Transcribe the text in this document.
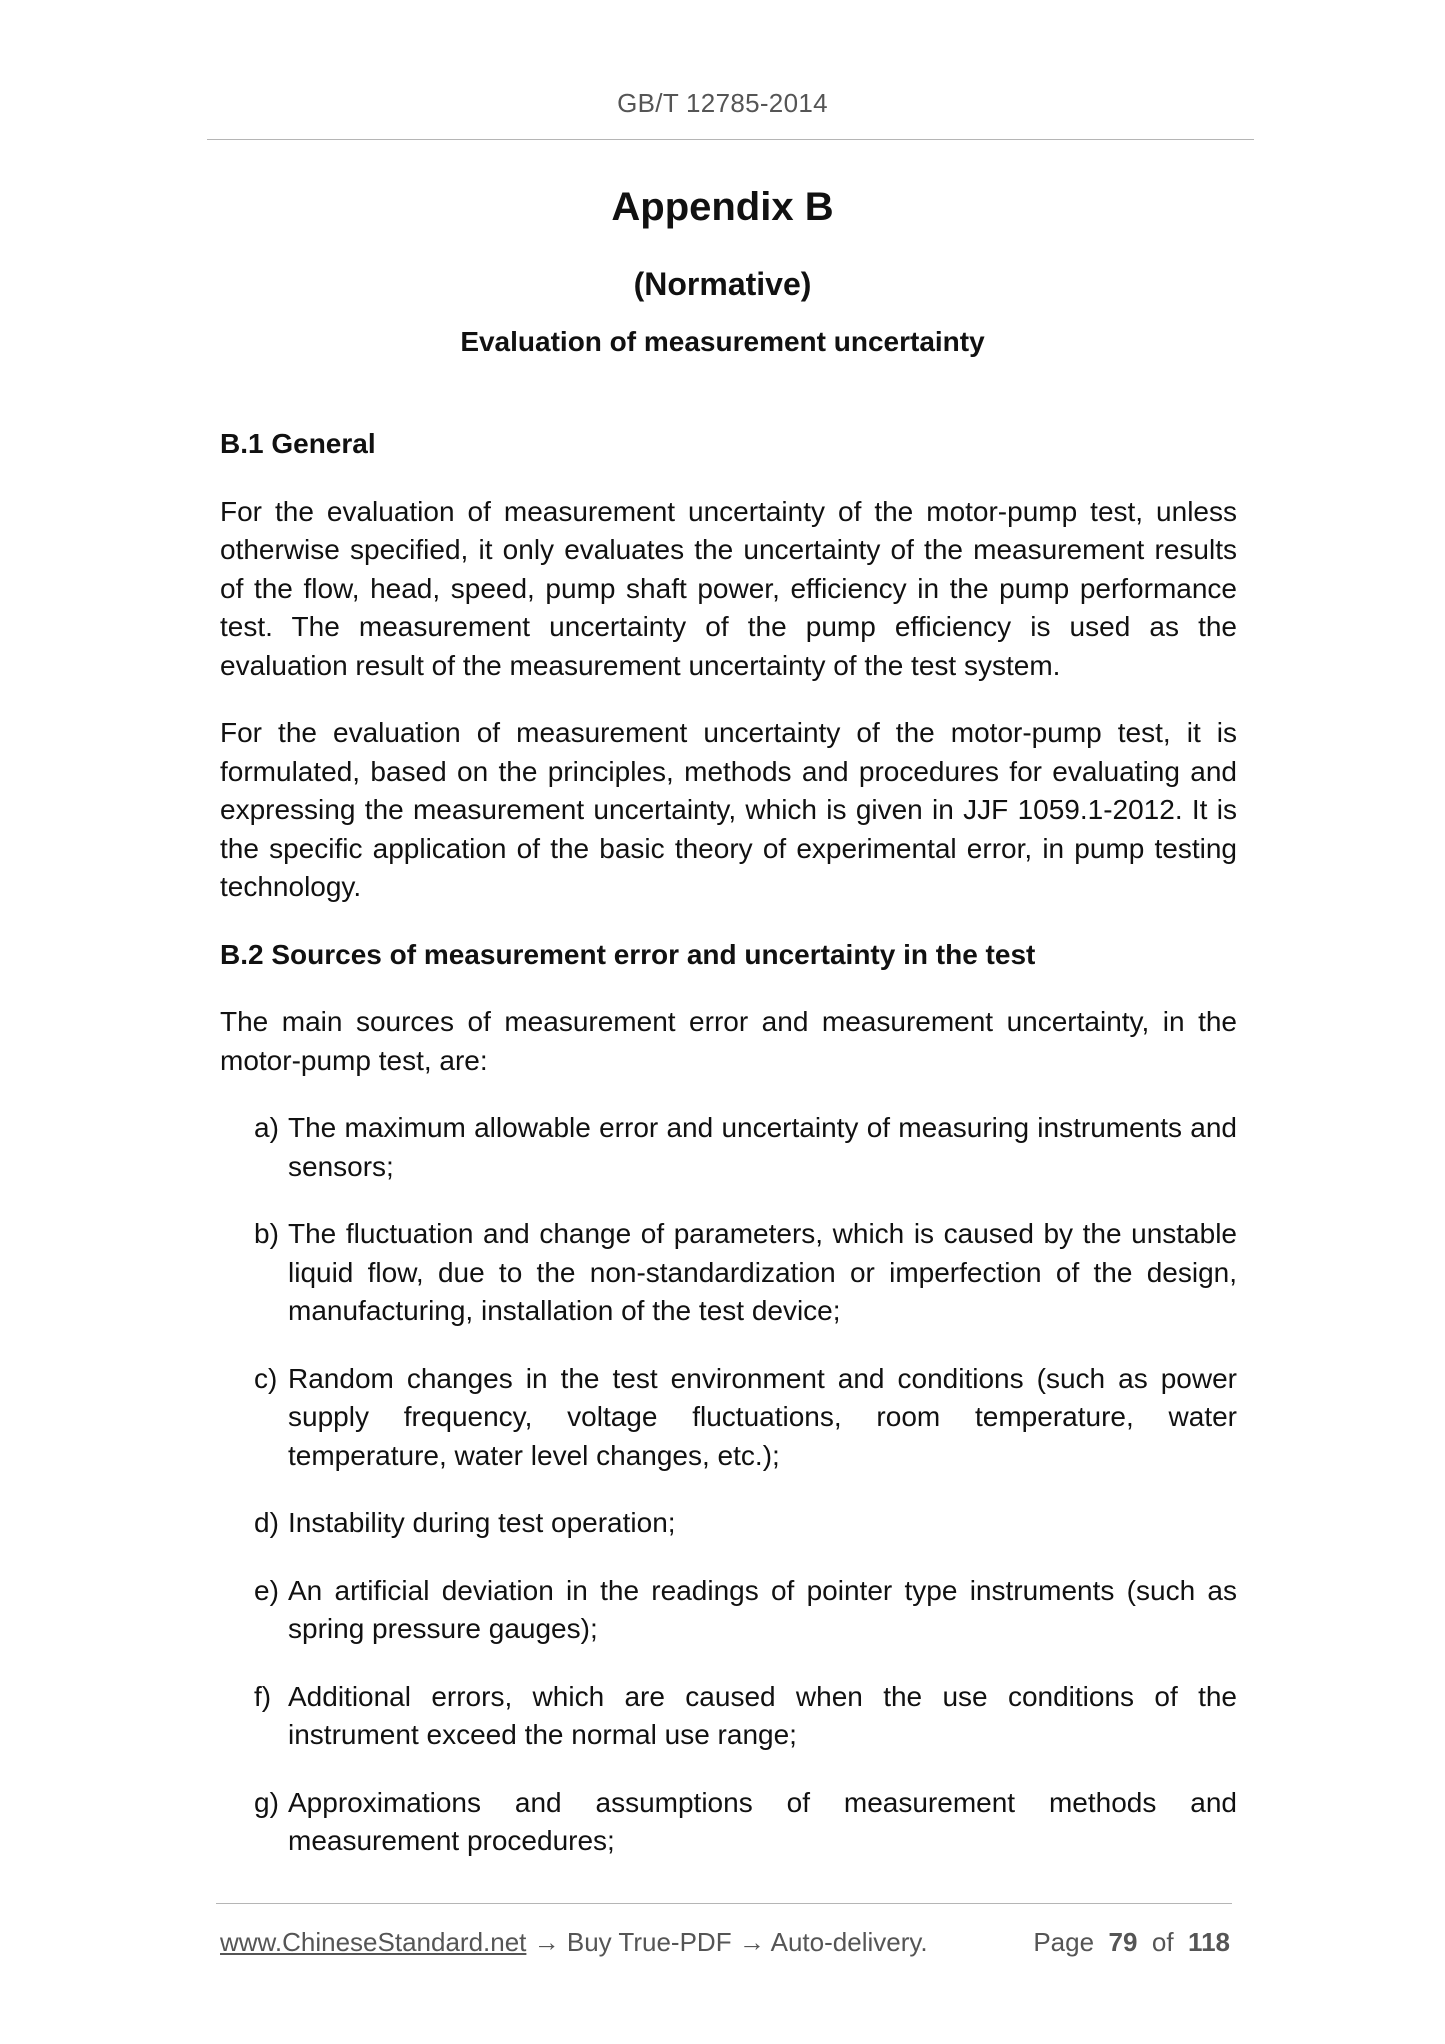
GB/T 12785-2014
Appendix B
(Normative)
Evaluation of measurement uncertainty
B.1 General

For the evaluation of measurement uncertainty of the motor-pump test, unless otherwise specified, it only evaluates the uncertainty of the measurement results of the flow, head, speed, pump shaft power, efficiency in the pump performance test. The measurement uncertainty of the pump efficiency is used as the evaluation result of the measurement uncertainty of the test system.

For the evaluation of measurement uncertainty of the motor-pump test, it is formulated, based on the principles, methods and procedures for evaluating and expressing the measurement uncertainty, which is given in JJF 1059.1-2012. It is the specific application of the basic theory of experimental error, in pump testing technology.

B.2 Sources of measurement error and uncertainty in the test

The main sources of measurement error and measurement uncertainty, in the motor-pump test, are:

a) The maximum allowable error and uncertainty of measuring instruments and sensors;
b) The fluctuation and change of parameters, which is caused by the unstable liquid flow, due to the non-standardization or imperfection of the design, manufacturing, installation of the test device;
c) Random changes in the test environment and conditions (such as power supply frequency, voltage fluctuations, room temperature, water temperature, water level changes, etc.);
d) Instability during test operation;
e) An artificial deviation in the readings of pointer type instruments (such as spring pressure gauges);
f) Additional errors, which are caused when the use conditions of the instrument exceed the normal use range;
g) Approximations and assumptions of measurement methods and measurement procedures;
www.ChineseStandard.net → Buy True-PDF → Auto-delivery.	Page 79 of 118
